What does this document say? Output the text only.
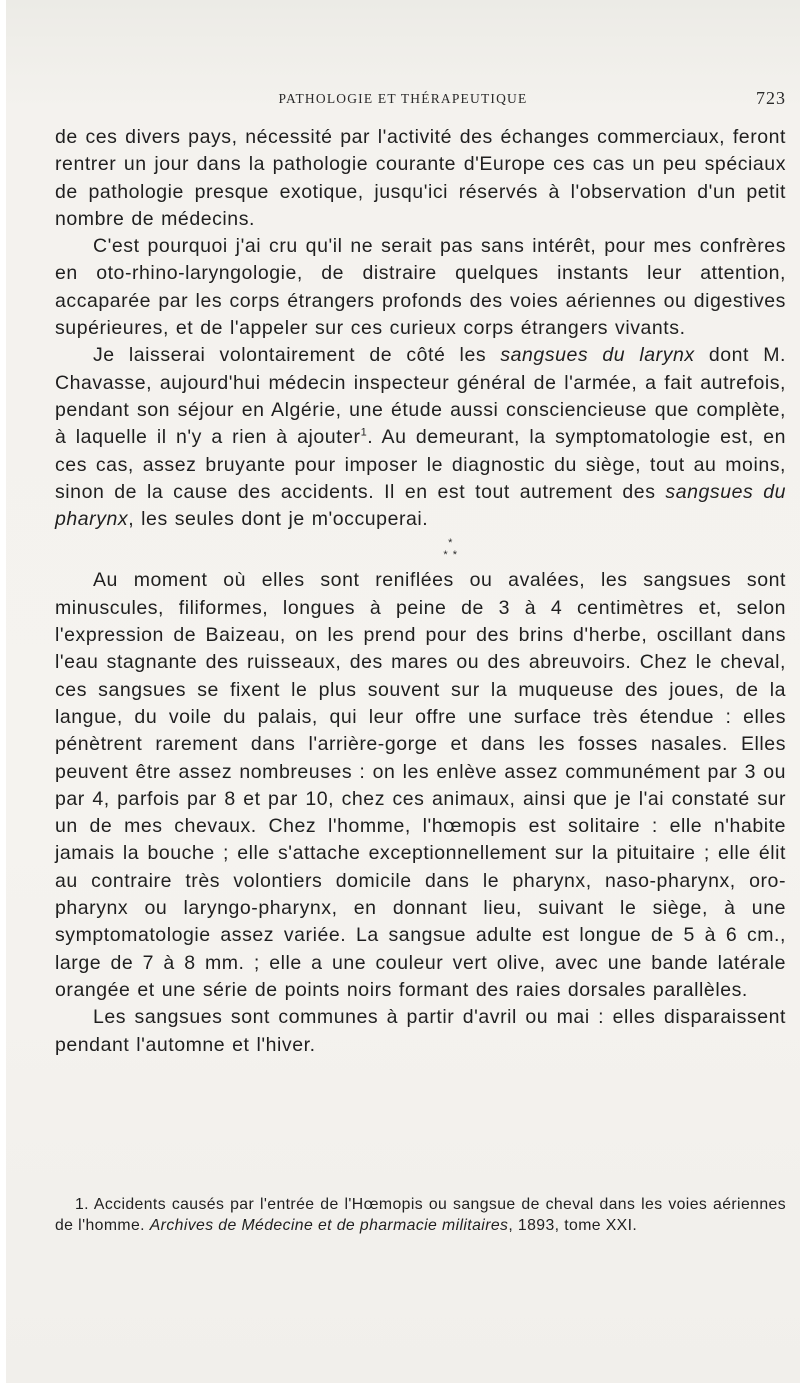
PATHOLOGIE ET THÉRAPEUTIQUE	723

de ces divers pays, nécessité par l'activité des échanges commerciaux, feront rentrer un jour dans la pathologie courante d'Europe ces cas un peu spéciaux de pathologie presque exotique, jusqu'ici réservés à l'observation d'un petit nombre de médecins.

C'est pourquoi j'ai cru qu'il ne serait pas sans intérêt, pour mes confrères en oto-rhino-laryngologie, de distraire quelques instants leur attention, accaparée par les corps étrangers profonds des voies aériennes ou digestives supérieures, et de l'appeler sur ces curieux corps étrangers vivants.

Je laisserai volontairement de côté les sangsues du larynx dont M. Chavasse, aujourd'hui médecin inspecteur général de l'armée, a fait autrefois, pendant son séjour en Algérie, une étude aussi consciencieuse que complète, à laquelle il n'y a rien à ajouter$^1$. Au demeurant, la symptomatologie est, en ces cas, assez bruyante pour imposer le diagnostic du siège, tout au moins, sinon de la cause des accidents. Il en est tout autrement des sangsues du pharynx, les seules dont je m'occuperai.

*
* *

Au moment où elles sont reniflées ou avalées, les sangsues sont minuscules, filiformes, longues à peine de 3 à 4 centimètres et, selon l'expression de Baizeau, on les prend pour des brins d'herbe, oscillant dans l'eau stagnante des ruisseaux, des mares ou des abreuvoirs. Chez le cheval, ces sangsues se fixent le plus souvent sur la muqueuse des joues, de la langue, du voile du palais, qui leur offre une surface très étendue : elles pénètrent rarement dans l'arrière-gorge et dans les fosses nasales. Elles peuvent être assez nombreuses : on les enlève assez communément par 3 ou par 4, parfois par 8 et par 10, chez ces animaux, ainsi que je l'ai constaté sur un de mes chevaux. Chez l'homme, l'hœmopis est solitaire : elle n'habite jamais la bouche ; elle s'attache exceptionnellement sur la pituitaire ; elle élit au contraire très volontiers domicile dans le pharynx, naso-pharynx, oro-pharynx ou laryngo-pharynx, en donnant lieu, suivant le siège, à une symptomatologie assez variée. La sangsue adulte est longue de 5 à 6 cm., large de 7 à 8 mm. ; elle a une couleur vert olive, avec une bande latérale orangée et une série de points noirs formant des raies dorsales parallèles.

Les sangsues sont communes à partir d'avril ou mai : elles disparaissent pendant l'automne et l'hiver.

1. Accidents causés par l'entrée de l'Hœmopis ou sangsue de cheval dans les voies aériennes de l'homme. Archives de Médecine et de pharmacie militaires, 1893, tome XXI.
